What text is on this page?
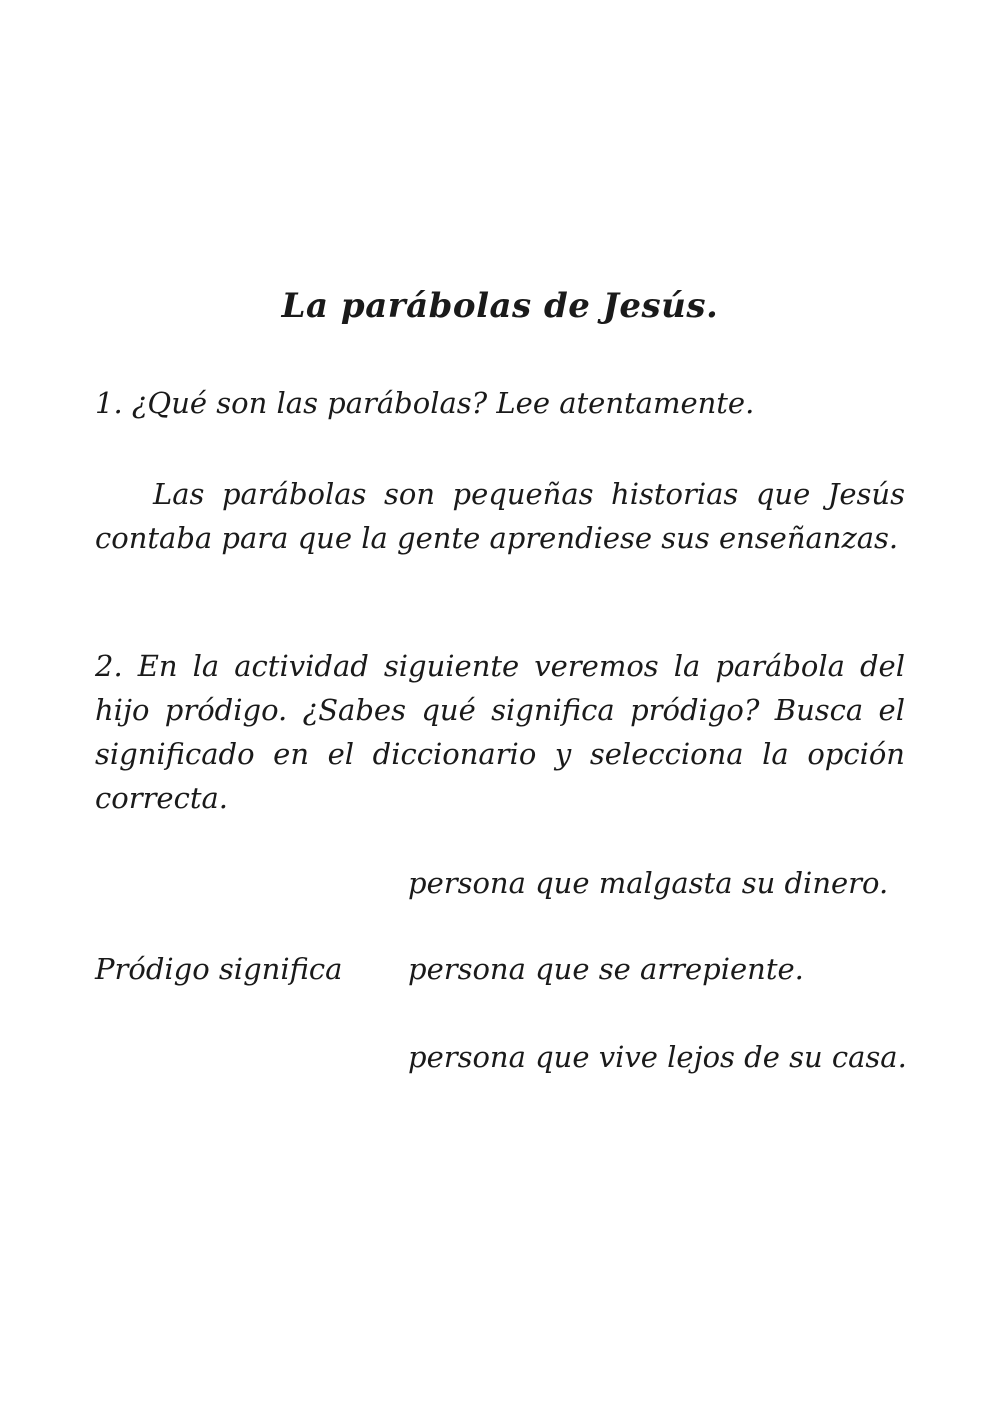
La parábolas de Jesús.
1. ¿Qué son las parábolas? Lee atentamente.
Las parábolas son pequeñas historias que Jesús contaba para que la gente aprendiese sus enseñanzas.
2. En la actividad siguiente veremos la parábola del hijo pródigo. ¿Sabes qué significa pródigo? Busca el significado en el diccionario y selecciona la opción correcta.
Pródigo significa
persona que malgasta su dinero.
persona que se arrepiente.
persona que vive lejos de su casa.
